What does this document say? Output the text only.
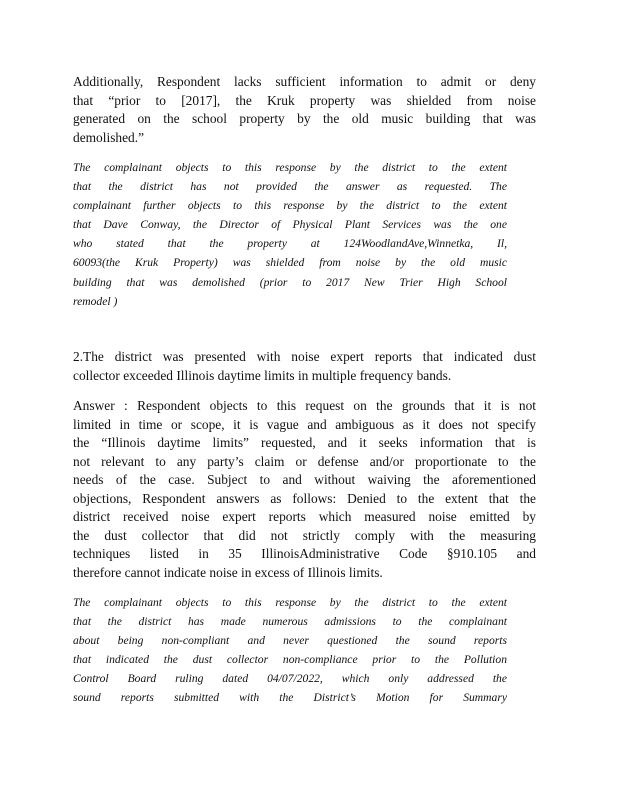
Additionally, Respondent lacks sufficient information to admit or deny
that “prior to [2017], the Kruk property was shielded from noise
generated on the school property by the old music building that was
demolished.”
The complainant objects to this response by the district to the extent
that the district has not provided the answer as requested. The
complainant further objects to this response by the district to the extent
that Dave Conway, the Director of Physical Plant Services was the one
who stated that the property at 124WoodlandAve,Winnetka, Il,
60093(the Kruk Property) was shielded from noise by the old music
building that was demolished (prior to 2017 New Trier High School
remodel )
2.The district was presented with noise expert reports that indicated dust
collector exceeded Illinois daytime limits in multiple frequency bands.
Answer : Respondent objects to this request on the grounds that it is not
limited in time or scope, it is vague and ambiguous as it does not specify
the “Illinois daytime limits” requested, and it seeks information that is
not relevant to any party’s claim or defense and/or proportionate to the
needs of the case. Subject to and without waiving the aforementioned
objections, Respondent answers as follows: Denied to the extent that the
district received noise expert reports which measured noise emitted by
the dust collector that did not strictly comply with the measuring
techniques listed in 35 IllinoisAdministrative Code §910.105 and
therefore cannot indicate noise in excess of Illinois limits.
The complainant objects to this response by the district to the extent
that the district has made numerous admissions to the complainant
about being non-compliant and never questioned the sound reports
that indicated the dust collector non-compliance prior to the Pollution
Control Board ruling dated 04/07/2022, which only addressed the
sound reports submitted with the District’s Motion for Summary
